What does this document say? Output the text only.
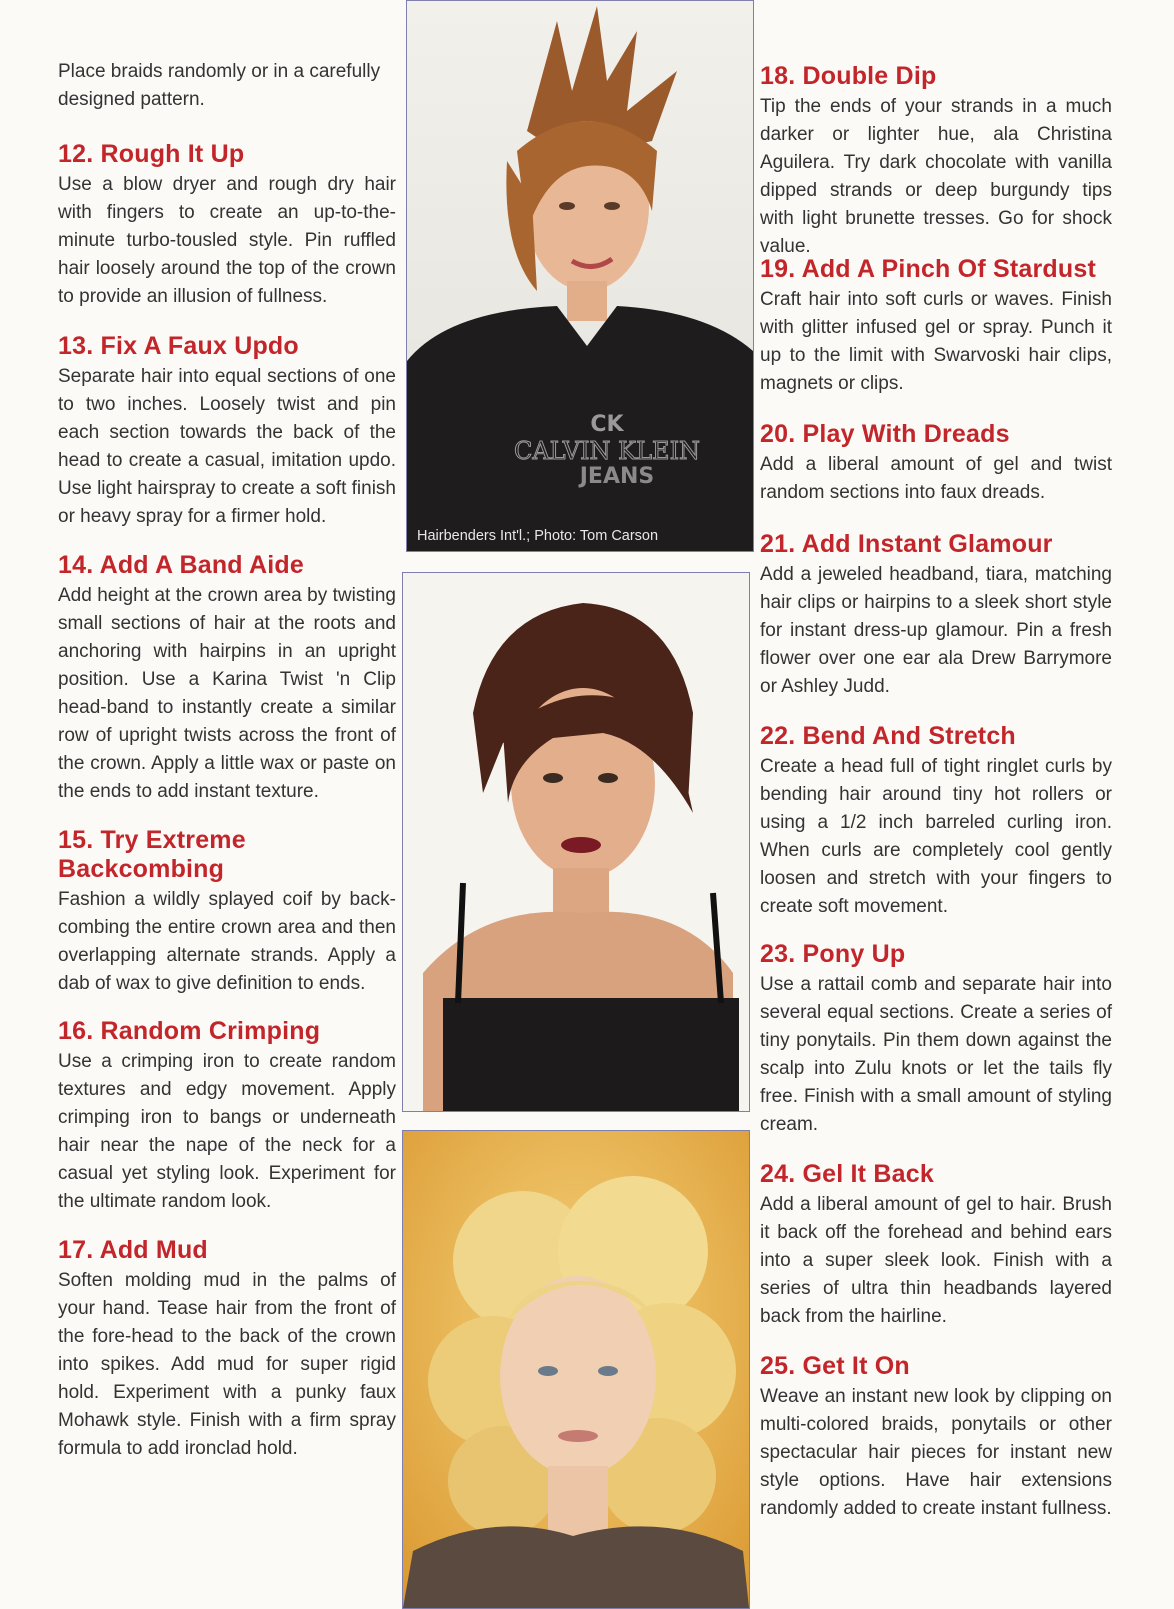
Place braids randomly or in a carefully designed pattern.

12. Rough It Up

Use a blow dryer and rough dry hair with fingers to create an up-to-the-minute turbo-tousled style. Pin ruffled hair loosely around the top of the crown to provide an illusion of fullness.

13. Fix A Faux Updo

Separate hair into equal sections of one to two inches. Loosely twist and pin each section towards the back of the head to create a casual, imitation updo. Use light hairspray to create a soft finish or heavy spray for a firmer hold.

14. Add A Band Aide

Add height at the crown area by twisting small sections of hair at the roots and anchoring with hairpins in an upright position. Use a Karina Twist 'n Clip head-band to instantly create a similar row of upright twists across the front of the crown. Apply a little wax or paste on the ends to add instant texture.

15. Try Extreme Backcombing

Fashion a wildly splayed coif by back-combing the entire crown area and then overlapping alternate strands. Apply a dab of wax to give definition to ends.

16. Random Crimping

Use a crimping iron to create random textures and edgy movement. Apply crimping iron to bangs or underneath hair near the nape of the neck for a casual yet styling look. Experiment for the ultimate random look.

17. Add Mud

Soften molding mud in the palms of your hand. Tease hair from the front of the fore-head to the back of the crown into spikes. Add mud for super rigid hold. Experiment with a punky faux Mohawk style. Finish with a firm spray formula to add ironclad hold.

CK
CALVIN KLEIN
JEANS
Hairbenders Int'l.; Photo: Tom Carson
18. Double Dip

Tip the ends of your strands in a much darker or lighter hue, ala Christina Aguilera. Try dark chocolate with vanilla dipped strands or deep burgundy tips with light brunette tresses. Go for shock value.

19. Add A Pinch Of Stardust

Craft hair into soft curls or waves. Finish with glitter infused gel or spray. Punch it up to the limit with Swarvoski hair clips, magnets or clips.

20. Play With Dreads

Add a liberal amount of gel and twist random sections into faux dreads.

21. Add Instant Glamour

Add a jeweled headband, tiara, matching hair clips or hairpins to a sleek short style for instant dress-up glamour. Pin a fresh flower over one ear ala Drew Barrymore or Ashley Judd.

22. Bend And Stretch

Create a head full of tight ringlet curls by bending hair around tiny hot rollers or using a 1/2 inch barreled curling iron. When curls are completely cool gently loosen and stretch with your fingers to create soft movement.

23. Pony Up

Use a rattail comb and separate hair into several equal sections. Create a series of tiny ponytails. Pin them down against the scalp into Zulu knots or let the tails fly free. Finish with a small amount of styling cream.

24. Gel It Back

Add a liberal amount of gel to hair. Brush it back off the forehead and behind ears into a super sleek look. Finish with a series of ultra thin headbands layered back from the hairline.

25. Get It On

Weave an instant new look by clipping on multi-colored braids, ponytails or other spectacular hair pieces for instant new style options. Have hair extensions randomly added to create instant fullness.
